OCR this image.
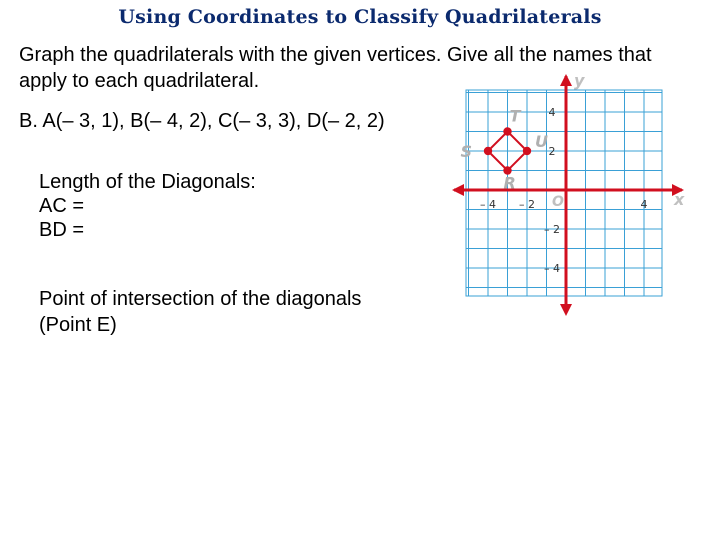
Using Coordinates to Classify Quadrilaterals
Graph the quadrilaterals with the given vertices. Give all the names that apply to each quadrilateral.
B. A(– 3, 1), B(– 4, 2), C(– 3, 3), D(– 2, 2)
Length of the Diagonals:
AC =
BD =
Point of intersection of the diagonals
(Point E)
x
y
O
– 4 – 2	4
4
2
– 2
– 4
T
U
R
S
